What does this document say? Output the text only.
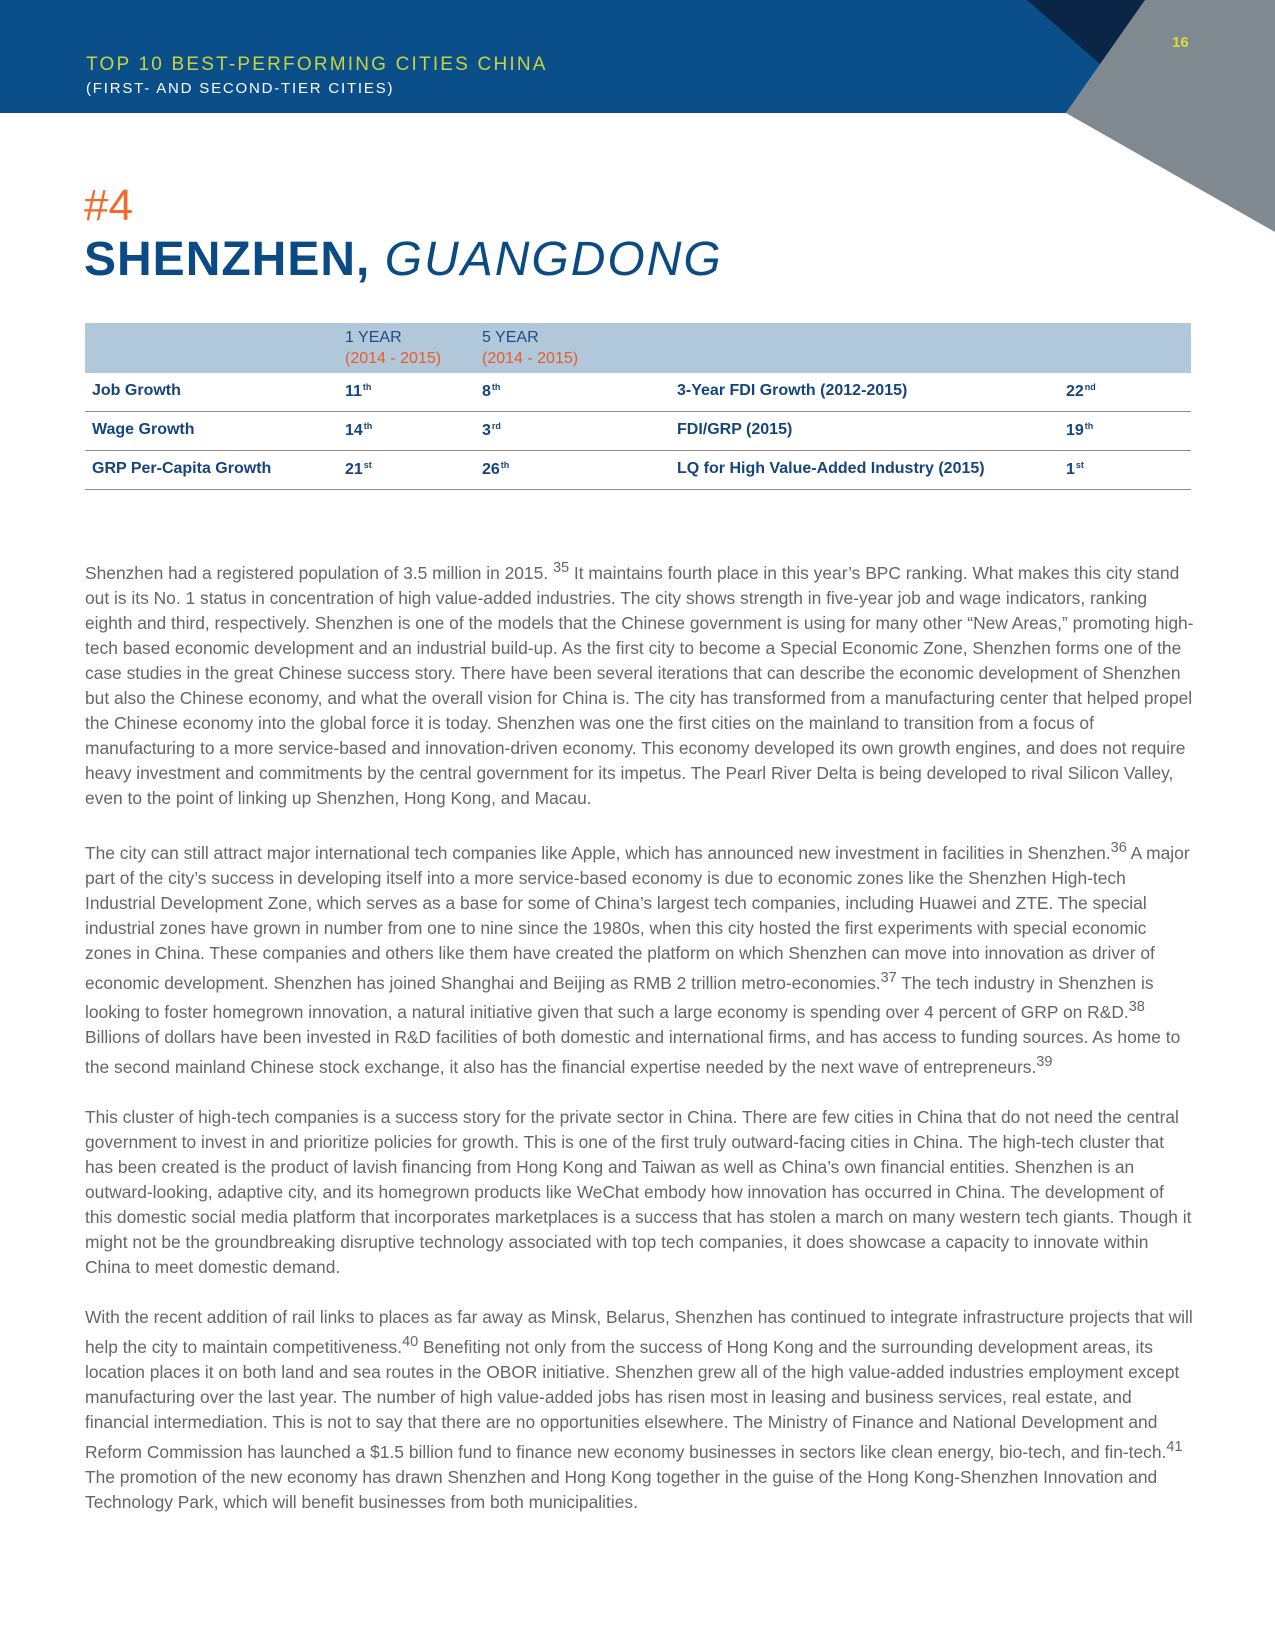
TOP 10 BEST-PERFORMING CITIES CHINA

(FIRST- AND SECOND-TIER CITIES)

16
#4
SHENZHEN, GUANGDONG
1 YEAR
(2014 - 2015)
5 YEAR
(2014 - 2015)
Job Growth	11th	8th	3-Year FDI Growth (2012-2015)	22nd
Wage Growth	14th	3rd	FDI/GRP (2015)	19th
GRP Per-Capita Growth	21st	26th	LQ for High Value-Added Industry (2015)	1st

Shenzhen had a registered population of 3.5 million in 2015. $^{35}$ It maintains fourth place in this year’s BPC ranking. What makes this city stand out is its No. 1 status in concentration of high value-added industries. The city shows strength in five-year job and wage indicators, ranking eighth and third, respectively. Shenzhen is one of the models that the Chinese government is using for many other “New Areas,” promoting high-tech based economic development and an industrial build-up. As the first city to become a Special Economic Zone, Shenzhen forms one of the case studies in the great Chinese success story. There have been several iterations that can describe the economic development of Shenzhen but also the Chinese economy, and what the overall vision for China is. The city has transformed from a manufacturing center that helped propel the Chinese economy into the global force it is today. Shenzhen was one the first cities on the mainland to transition from a focus of manufacturing to a more service-based and innovation-driven economy. This economy developed its own growth engines, and does not require heavy investment and commitments by the central government for its impetus. The Pearl River Delta is being developed to rival Silicon Valley, even to the point of linking up Shenzhen, Hong Kong, and Macau.

The city can still attract major international tech companies like Apple, which has announced new investment in facilities in Shenzhen.$^{36}$ A major part of the city’s success in developing itself into a more service-based economy is due to economic zones like the Shenzhen High-tech Industrial Development Zone, which serves as a base for some of China’s largest tech companies, including Huawei and ZTE. The special industrial zones have grown in number from one to nine since the 1980s, when this city hosted the first experiments with special economic zones in China. These companies and others like them have created the platform on which Shenzhen can move into innovation as driver of economic development. Shenzhen has joined Shanghai and Beijing as RMB 2 trillion metro-economies.$^{37}$ The tech industry in Shenzhen is looking to foster homegrown innovation, a natural initiative given that such a large economy is spending over 4 percent of GRP on R&D.$^{38}$ Billions of dollars have been invested in R&D facilities of both domestic and international firms, and has access to funding sources. As home to the second mainland Chinese stock exchange, it also has the financial expertise needed by the next wave of entrepreneurs.$^{39}$

This cluster of high-tech companies is a success story for the private sector in China. There are few cities in China that do not need the central government to invest in and prioritize policies for growth. This is one of the first truly outward-facing cities in China. The high-tech cluster that has been created is the product of lavish financing from Hong Kong and Taiwan as well as China’s own financial entities. Shenzhen is an outward-looking, adaptive city, and its homegrown products like WeChat embody how innovation has occurred in China. The development of this domestic social media platform that incorporates marketplaces is a success that has stolen a march on many western tech giants. Though it might not be the groundbreaking disruptive technology associated with top tech companies, it does showcase a capacity to innovate within China to meet domestic demand.

With the recent addition of rail links to places as far away as Minsk, Belarus, Shenzhen has continued to integrate infrastructure projects that will help the city to maintain competitiveness.$^{40}$ Benefiting not only from the success of Hong Kong and the surrounding development areas, its location places it on both land and sea routes in the OBOR initiative. Shenzhen grew all of the high value-added industries employment except manufacturing over the last year. The number of high value-added jobs has risen most in leasing and business services, real estate, and financial intermediation. This is not to say that there are no opportunities elsewhere. The Ministry of Finance and National Development and Reform Commission has launched a $1.5 billion fund to finance new economy businesses in sectors like clean energy, bio-tech, and fin-tech.$^{41}$ The promotion of the new economy has drawn Shenzhen and Hong Kong together in the guise of the Hong Kong-Shenzhen Innovation and Technology Park, which will benefit businesses from both municipalities.
